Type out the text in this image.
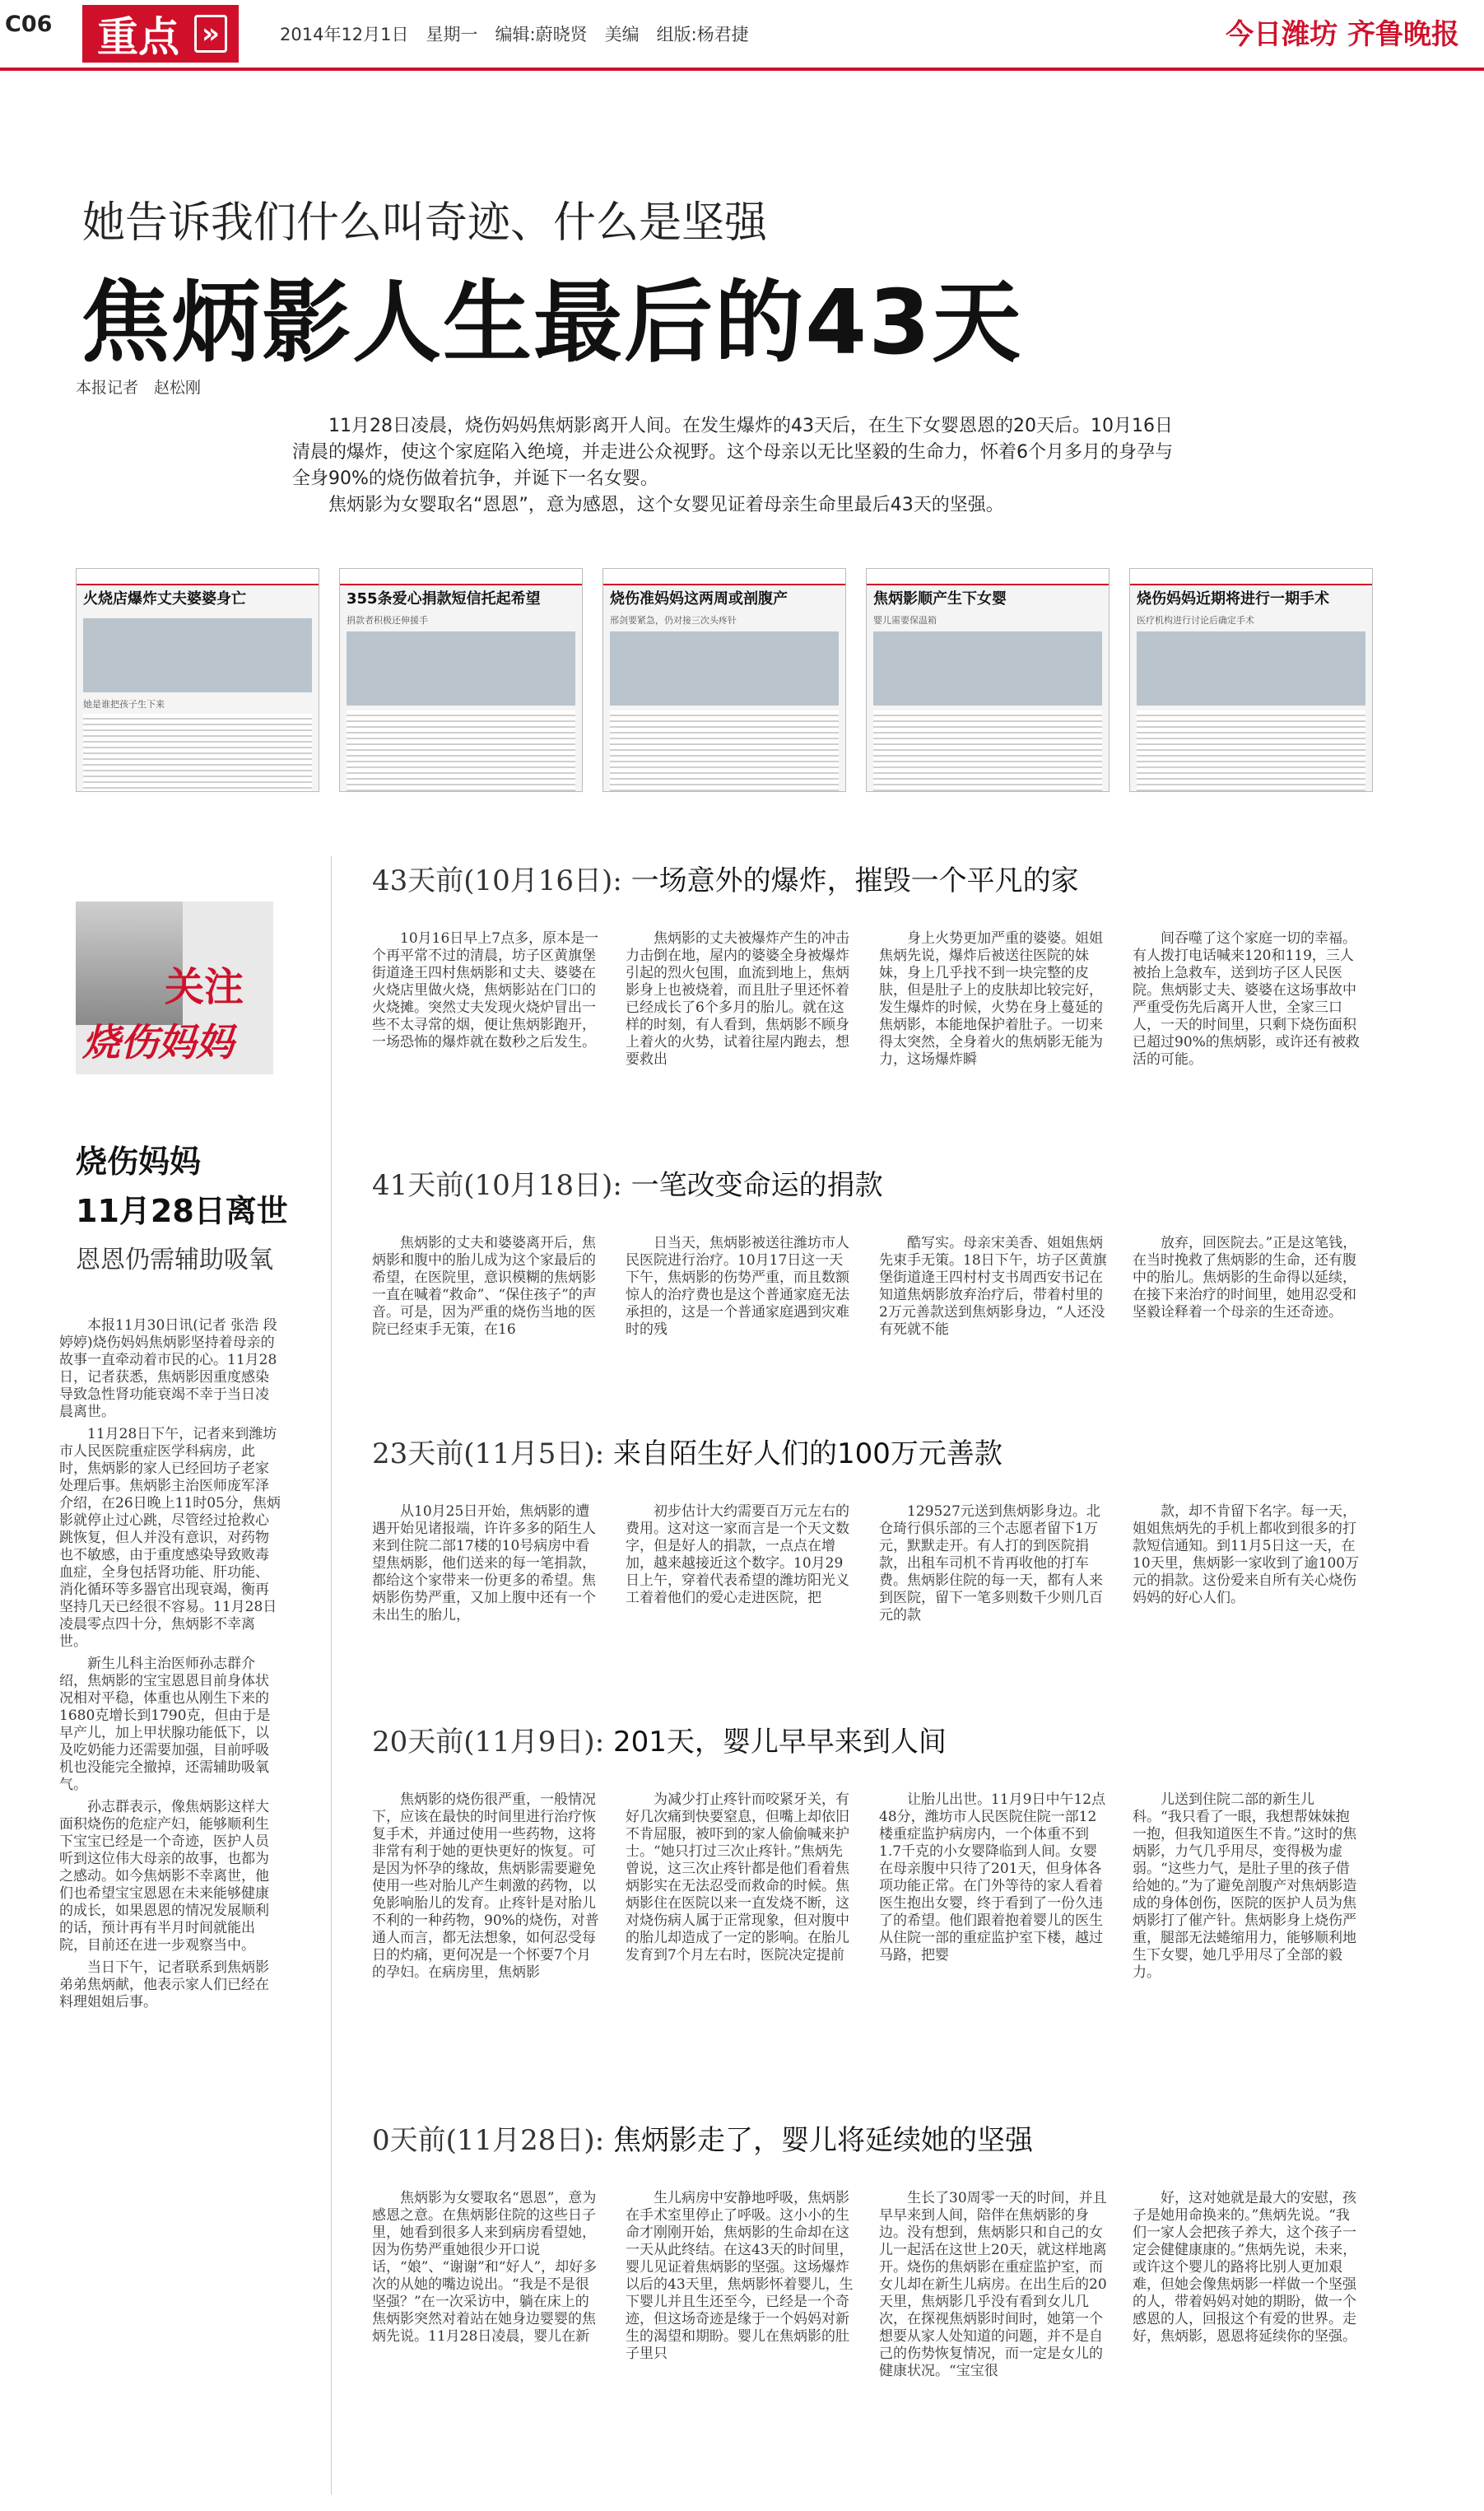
C06 重点 »	2014年12月1日　星期一　编辑:蔚晓贤　美编　组版:杨君捷	今日潍坊 齐鲁晚报
她告诉我们什么叫奇迹、什么是坚强
焦炳影人生最后的43天
本报记者　赵松刚

11月28日凌晨，烧伤妈妈焦炳影离开人间。在发生爆炸的43天后，在生下女婴恩恩的20天后。10月16日清晨的爆炸，使这个家庭陷入绝境，并走进公众视野。这个母亲以无比坚毅的生命力，怀着6个月多月的身孕与全身90%的烧伤做着抗争，并诞下一名女婴。

焦炳影为女婴取名“恩恩”，意为感恩，这个女婴见证着母亲生命里最后43天的坚强。

火烧店爆炸丈夫婆婆身亡
她是谁把孩子生下来
355条爱心捐款短信托起希望
捐款者积极还伸援手
烧伤准妈妈这两周或剖腹产
邢剑要紧急，仍对接三次头疼针
焦炳影顺产生下女婴
婴儿需要保温箱
烧伤妈妈近期将进行一期手术
医疗机构进行讨论后确定手术
关注
烧伤妈妈
烧伤妈妈
11月28日离世
恩恩仍需辅助吸氧

本报11月30日讯(记者 张浩 段婷婷)烧伤妈妈焦炳影坚持着母亲的故事一直牵动着市民的心。11月28日，记者获悉，焦炳影因重度感染导致急性肾功能衰竭不幸于当日凌晨离世。

11月28日下午，记者来到潍坊市人民医院重症医学科病房，此时，焦炳影的家人已经回坊子老家处理后事。焦炳影主治医师庞军泽介绍，在26日晚上11时05分，焦炳影就停止过心跳，尽管经过抢救心跳恢复，但人并没有意识，对药物也不敏感，由于重度感染导致败毒血症，全身包括肾功能、肝功能、消化循环等多器官出现衰竭，衡再坚持几天已经很不容易。11月28日凌晨零点四十分，焦炳影不幸离世。

新生儿科主治医师孙志群介绍，焦炳影的宝宝恩恩目前身体状况相对平稳，体重也从刚生下来的1680克增长到1790克，但由于是早产儿，加上甲状腺功能低下，以及吃奶能力还需要加强，目前呼吸机也没能完全撤掉，还需辅助吸氧气。

孙志群表示，像焦炳影这样大面积烧伤的危症产妇，能够顺利生下宝宝已经是一个奇迹，医护人员听到这位伟大母亲的故事，也都为之感动。如今焦炳影不幸离世，他们也希望宝宝恩恩在未来能够健康的成长，如果恩恩的情况发展顺利的话，预计再有半月时间就能出院，目前还在进一步观察当中。

当日下午，记者联系到焦炳影弟弟焦炳献，他表示家人们已经在料理姐姐后事。

43天前(10月16日): 一场意外的爆炸，摧毁一个平凡的家
10月16日早上7点多，原本是一个再平常不过的清晨，坊子区黄旗堡街道逄王四村焦炳影和丈夫、婆婆在火烧店里做火烧，焦炳影站在门口的火烧摊。突然丈夫发现火烧炉冒出一些不太寻常的烟，便让焦炳影跑开，一场恐怖的爆炸就在数秒之后发生。
焦炳影的丈夫被爆炸产生的冲击力击倒在地，屋内的婆婆全身被爆炸引起的烈火包围，血流到地上，焦炳影身上也被烧着，而且肚子里还怀着已经成长了6个多月的胎儿。就在这样的时刻，有人看到，焦炳影不顾身上着火的火势，试着往屋内跑去，想要救出
身上火势更加严重的婆婆。姐姐焦炳先说，爆炸后被送往医院的妹妹，身上几乎找不到一块完整的皮肤，但是肚子上的皮肤却比较完好，发生爆炸的时候，火势在身上蔓延的焦炳影，本能地保护着肚子。一切来得太突然，全身着火的焦炳影无能为力，这场爆炸瞬
间吞噬了这个家庭一切的幸福。有人拨打电话喊来120和119，三人被抬上急救车，送到坊子区人民医院。焦炳影丈夫、婆婆在这场事故中严重受伤先后离开人世，全家三口人，一天的时间里，只剩下烧伤面积已超过90%的焦炳影，或许还有被救活的可能。
41天前(10月18日): 一笔改变命运的捐款
焦炳影的丈夫和婆婆离开后，焦炳影和腹中的胎儿成为这个家最后的希望，在医院里，意识模糊的焦炳影一直在喊着“救命”、“保住孩子”的声音。可是，因为严重的烧伤当地的医院已经束手无策，在16
日当天，焦炳影被送往潍坊市人民医院进行治疗。10月17日这一天下午，焦炳影的伤势严重，而且数额惊人的治疗费也是这个普通家庭无法承担的，这是一个普通家庭遇到灾难时的残
酷写实。母亲宋美香、姐姐焦炳先束手无策。18日下午，坊子区黄旗堡街道逄王四村村支书周西安书记在知道焦炳影放弃治疗后，带着村里的2万元善款送到焦炳影身边，“人还没有死就不能
放弃，回医院去。”正是这笔钱，在当时挽救了焦炳影的生命，还有腹中的胎儿。焦炳影的生命得以延续，在接下来治疗的时间里，她用忍受和坚毅诠释着一个母亲的生还奇迹。
23天前(11月5日): 来自陌生好人们的100万元善款
从10月25日开始，焦炳影的遭遇开始见诸报端，许许多多的陌生人来到住院二部17楼的10号病房中看望焦炳影，他们送来的每一笔捐款，都给这个家带来一份更多的希望。焦炳影伤势严重，又加上腹中还有一个未出生的胎儿，
初步估计大约需要百万元左右的费用。这对这一家而言是一个天文数字，但是好人的捐款，一点点在增加，越来越接近这个数字。10月29日上午，穿着代表希望的潍坊阳光义工着着他们的爱心走进医院，把
129527元送到焦炳影身边。北仓琦行俱乐部的三个志愿者留下1万元，默默走开。有人打的到医院捐款，出租车司机不肯再收他的打车费。焦炳影住院的每一天，都有人来到医院，留下一笔多则数千少则几百元的款
款，却不肯留下名字。每一天，姐姐焦炳先的手机上都收到很多的打款短信通知。到11月5日这一天，在10天里，焦炳影一家收到了逾100万元的捐款。这份爱来自所有关心烧伤妈妈的好心人们。
20天前(11月9日): 201天，婴儿早早来到人间
焦炳影的烧伤很严重，一般情况下，应该在最快的时间里进行治疗恢复手术，并通过使用一些药物，这将非常有利于她的更快更好的恢复。可是因为怀孕的缘故，焦炳影需要避免使用一些对胎儿产生刺激的药物，以免影响胎儿的发育。止疼针是对胎儿不利的一种药物，90%的烧伤，对普通人而言，都无法想象，如何忍受每日的灼痛，更何况是一个怀要7个月的孕妇。在病房里，焦炳影
为减少打止疼针而咬紧牙关，有好几次痛到快要窒息，但嘴上却依旧不肯屈服，被吓到的家人偷偷喊来护士。“她只打过三次止疼针。”焦炳先曾说，这三次止疼针都是他们看着焦炳影实在无法忍受而救命的时候。焦炳影住在医院以来一直发烧不断，这对烧伤病人属于正常现象，但对腹中的胎儿却造成了一定的影响。在胎儿发育到7个月左右时，医院决定提前
让胎儿出世。11月9日中午12点48分，潍坊市人民医院住院一部12楼重症监护病房内，一个体重不到1.7千克的小女婴降临到人间。女婴在母亲腹中只待了201天，但身体各项功能正常。在门外等待的家人看着医生抱出女婴，终于看到了一份久违了的希望。他们跟着抱着婴儿的医生从住院一部的重症监护室下楼，越过马路，把婴
儿送到住院二部的新生儿科。“我只看了一眼，我想帮妹妹抱一抱，但我知道医生不肯。”这时的焦炳影，力气几乎用尽，变得极为虚弱。“这些力气，是肚子里的孩子借给她的。”为了避免剖腹产对焦炳影造成的身体创伤，医院的医护人员为焦炳影打了催产针。焦炳影身上烧伤严重，腿部无法蜷缩用力，能够顺利地生下女婴，她几乎用尽了全部的毅力。
0天前(11月28日): 焦炳影走了，婴儿将延续她的坚强
焦炳影为女婴取名“恩恩”，意为感恩之意。在焦炳影住院的这些日子里，她看到很多人来到病房看望她，因为伤势严重她很少开口说话，“娘”、“谢谢”和“好人”，却好多次的从她的嘴边说出。“我是不是很坚强？”在一次采访中，躺在床上的焦炳影突然对着站在她身边婴婴的焦炳先说。11月28日凌晨，婴儿在新
生儿病房中安静地呼吸，焦炳影在手术室里停止了呼吸。这小小的生命才刚刚开始，焦炳影的生命却在这一天从此终结。在这43天的时间里，婴儿见证着焦炳影的坚强。这场爆炸以后的43天里，焦炳影怀着婴儿，生下婴儿并且生还至今，已经是一个奇迹，但这场奇迹是缘于一个妈妈对新生的渴望和期盼。婴儿在焦炳影的肚子里只
生长了30周零一天的时间，并且早早来到人间，陪伴在焦炳影的身边。没有想到，焦炳影只和自己的女儿一起活在这世上20天，就这样地离开。烧伤的焦炳影在重症监护室，而女儿却在新生儿病房。在出生后的20天里，焦炳影几乎没有看到女儿几次，在探视焦炳影时间时，她第一个想要从家人处知道的问题，并不是自己的伤势恢复情况，而一定是女儿的健康状况。“宝宝很
好，这对她就是最大的安慰，孩子是她用命换来的。”焦炳先说。“我们一家人会把孩子养大，这个孩子一定会健健康康的。”焦炳先说，未来，或许这个婴儿的路将比别人更加艰难，但她会像焦炳影一样做一个坚强的人，带着妈妈对她的期盼，做一个感恩的人，回报这个有爱的世界。走好，焦炳影，恩恩将延续你的坚强。
